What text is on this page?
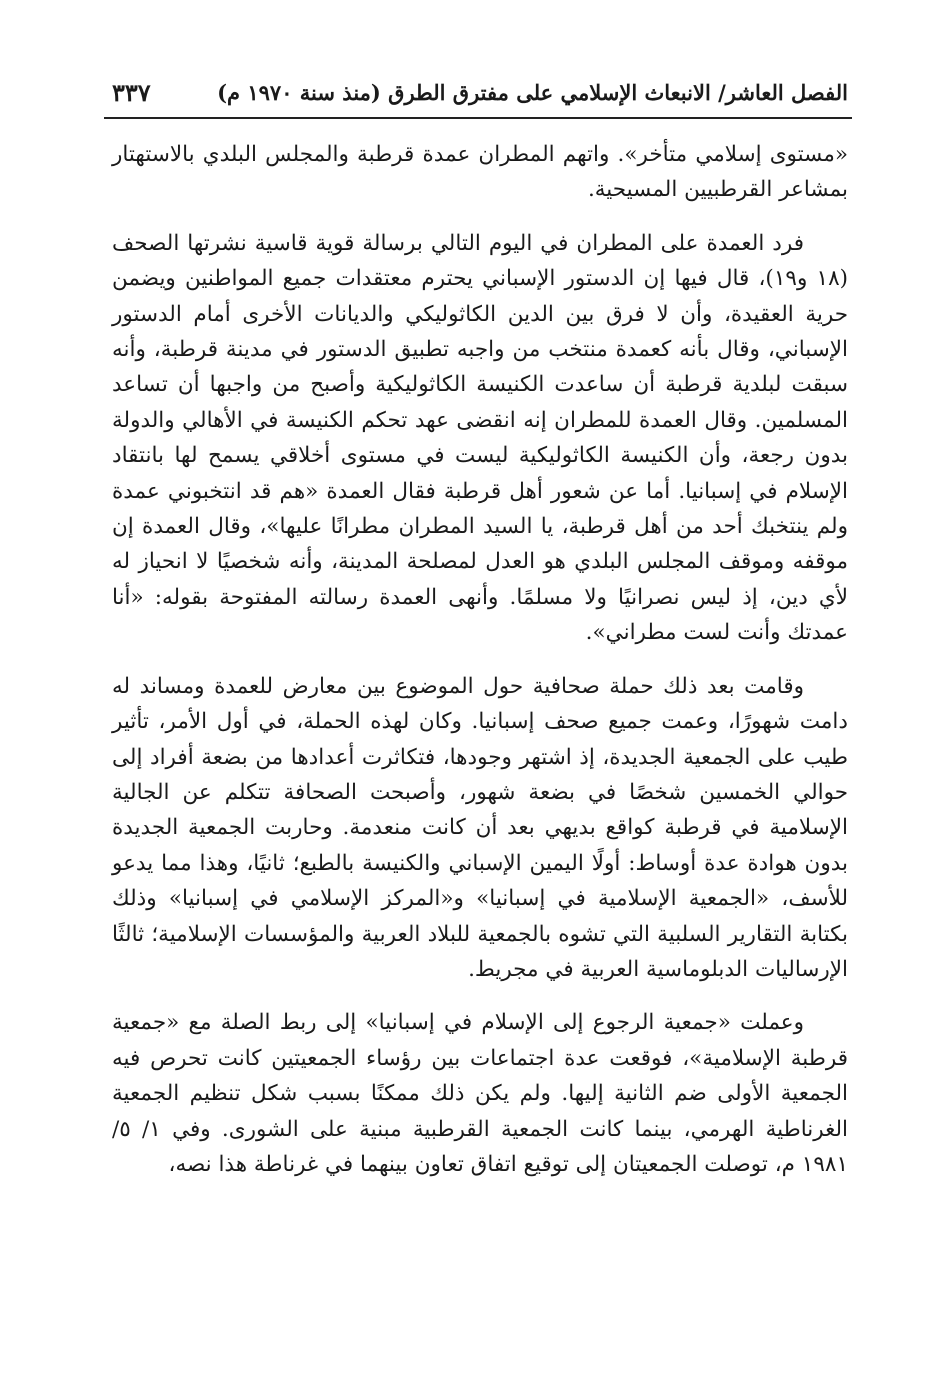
الفصل العاشر/ الانبعاث الإسلامي على مفترق الطرق (منذ سنة ١٩٧٠ م)
٣٣٧

«مستوى إسلامي متأخر». واتهم المطران عمدة قرطبة والمجلس البلدي بالاستهتار بمشاعر القرطبيين المسيحية.

فرد العمدة على المطران في اليوم التالي برسالة قوية قاسية نشرتها الصحف (١٨ و١٩)، قال فيها إن الدستور الإسباني يحترم معتقدات جميع المواطنين ويضمن حرية العقيدة، وأن لا فرق بين الدين الكاثوليكي والديانات الأخرى أمام الدستور الإسباني، وقال بأنه كعمدة منتخب من واجبه تطبيق الدستور في مدينة قرطبة، وأنه سبقت لبلدية قرطبة أن ساعدت الكنيسة الكاثوليكية وأصبح من واجبها أن تساعد المسلمين. وقال العمدة للمطران إنه انقضى عهد تحكم الكنيسة في الأهالي والدولة بدون رجعة، وأن الكنيسة الكاثوليكية ليست في مستوى أخلاقي يسمح لها بانتقاد الإسلام في إسبانيا. أما عن شعور أهل قرطبة فقال العمدة «هم قد انتخبوني عمدة ولم ينتخبك أحد من أهل قرطبة، يا السيد المطران مطرانًا عليها»، وقال العمدة إن موقفه وموقف المجلس البلدي هو العدل لمصلحة المدينة، وأنه شخصيًا لا انحياز له لأي دين، إذ ليس نصرانيًا ولا مسلمًا. وأنهى العمدة رسالته المفتوحة بقوله: «أنا عمدتك وأنت لست مطراني».

وقامت بعد ذلك حملة صحافية حول الموضوع بين معارض للعمدة ومساند له دامت شهورًا، وعمت جميع صحف إسبانيا. وكان لهذه الحملة، في أول الأمر، تأثير طيب على الجمعية الجديدة، إذ اشتهر وجودها، فتكاثرت أعدادها من بضعة أفراد إلى حوالي الخمسين شخصًا في بضعة شهور، وأصبحت الصحافة تتكلم عن الجالية الإسلامية في قرطبة كواقع بديهي بعد أن كانت منعدمة. وحاربت الجمعية الجديدة بدون هوادة عدة أوساط: أولًا اليمين الإسباني والكنيسة بالطبع؛ ثانيًا، وهذا مما يدعو للأسف، «الجمعية الإسلامية في إسبانيا» و«المركز الإسلامي في إسبانيا» وذلك بكتابة التقارير السلبية التي تشوه بالجمعية للبلاد العربية والمؤسسات الإسلامية؛ ثالثًا الإرساليات الدبلوماسية العربية في مجريط.

وعملت «جمعية الرجوع إلى الإسلام في إسبانيا» إلى ربط الصلة مع «جمعية قرطبة الإسلامية»، فوقعت عدة اجتماعات بين رؤساء الجمعيتين كانت تحرص فيه الجمعية الأولى ضم الثانية إليها. ولم يكن ذلك ممكنًا بسبب شكل تنظيم الجمعية الغرناطية الهرمي، بينما كانت الجمعية القرطبية مبنية على الشورى. وفي ١/ ٥/ ١٩٨١ م، توصلت الجمعيتان إلى توقيع اتفاق تعاون بينهما في غرناطة هذا نصه،
